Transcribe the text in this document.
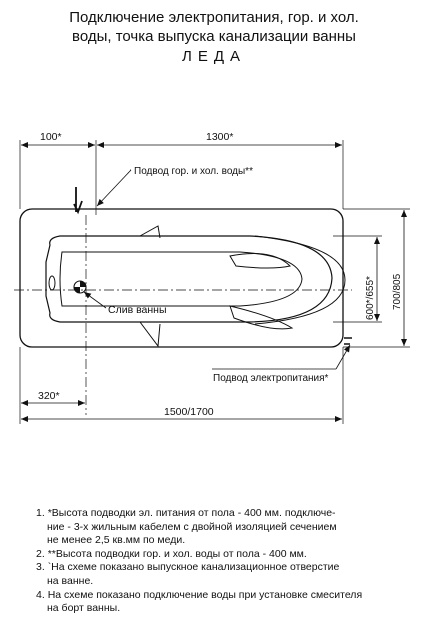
Подключение электропитания, гор. и хол.
воды, точка выпуска канализации ванны
ЛЕДА
100*	1300*
Подвод гор. и хол. воды**
Слив ванны
Подвод электропитания*
600*/655* 700/805
320*
1500/1700
1. *Высота подводки эл. питания от пола - 400 мм. подключе-
ние - 3-х жильным кабелем с двойной изоляцией сечением
не менее 2,5 кв.мм по меди.
2. **Высота подводки гор. и хол. воды от пола - 400 мм.
3. `На схеме показано выпускное канализационное отверстие
на ванне.
4. На схеме показано подключение воды при установке смесителя
на борт ванны.
